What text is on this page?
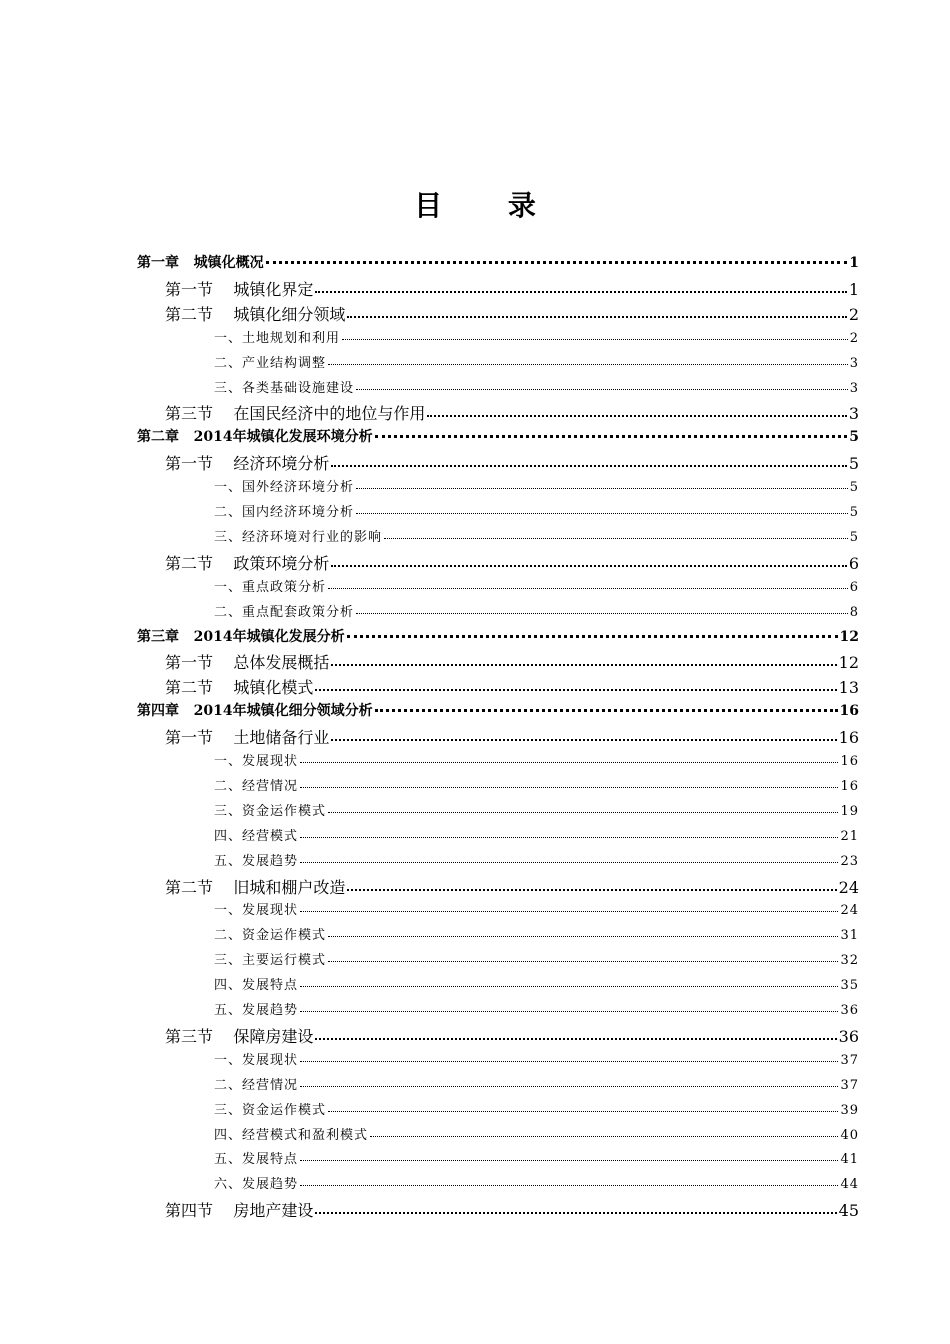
目 录
第一章   城镇化概况	1
第一节    城镇化界定	1
第二节    城镇化细分领域	2
一、土地规划和利用	2
二、产业结构调整	3
三、各类基础设施建设	3
第三节    在国民经济中的地位与作用	3
第二章   2014年城镇化发展环境分析	5
第一节    经济环境分析	5
一、国外经济环境分析	5
二、国内经济环境分析	5
三、经济环境对行业的影响	5
第二节    政策环境分析	6
一、重点政策分析	6
二、重点配套政策分析	8
第三章   2014年城镇化发展分析	12
第一节    总体发展概括	12
第二节    城镇化模式	13
第四章   2014年城镇化细分领域分析	16
第一节    土地储备行业	16
一、发展现状	16
二、经营情况	16
三、资金运作模式	19
四、经营模式	21
五、发展趋势	23
第二节    旧城和棚户改造	24
一、发展现状	24
二、资金运作模式	31
三、主要运行模式	32
四、发展特点	35
五、发展趋势	36
第三节    保障房建设	36
一、发展现状	37
二、经营情况	37
三、资金运作模式	39
四、经营模式和盈利模式	40
五、发展特点	41
六、发展趋势	44
第四节    房地产建设	45
